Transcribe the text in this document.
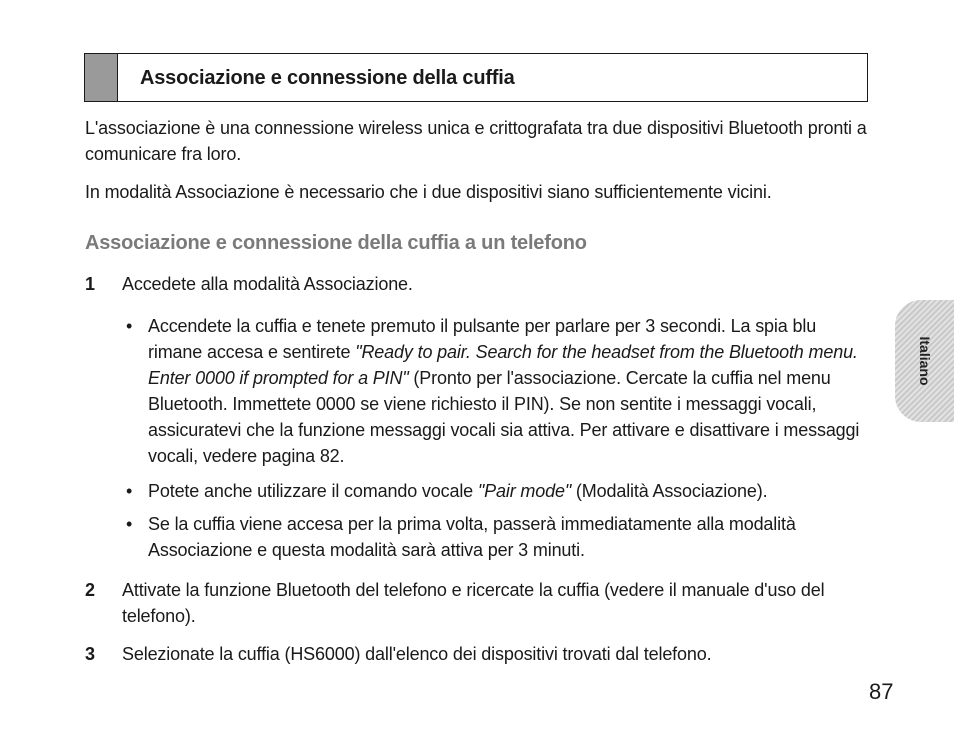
Associazione e connessione della cuffia

L'associazione è una connessione wireless unica e crittografata tra due dispositivi Bluetooth pronti a comunicare fra loro.

In modalità Associazione è necessario che i due dispositivi siano sufficientemente vicini.

Associazione e connessione della cuffia a un telefono
1	Accedete alla modalità Associazione.
• Accendete la cuffia e tenete premuto il pulsante per parlare per 3 secondi. La spia blu rimane accesa e sentirete "Ready to pair. Search for the headset from the Bluetooth menu. Enter 0000 if prompted for a PIN" (Pronto per l'associazione. Cercate la cuffia nel menu Bluetooth. Immettete 0000 se viene richiesto il PIN). Se non sentite i messaggi vocali, assicuratevi che la funzione messaggi vocali sia attiva. Per attivare e disattivare i messaggi vocali, vedere pagina 82.
• Potete anche utilizzare il comando vocale "Pair mode" (Modalità Associazione).
• Se la cuffia viene accesa per la prima volta, passerà immediatamente alla modalità Associazione e questa modalità sarà attiva per 3 minuti.
2	Attivate la funzione Bluetooth del telefono e ricercate la cuffia (vedere il manuale d'uso del telefono).
3	Selezionate la cuffia (HS6000) dall'elenco dei dispositivi trovati dal telefono.
Italiano
87
